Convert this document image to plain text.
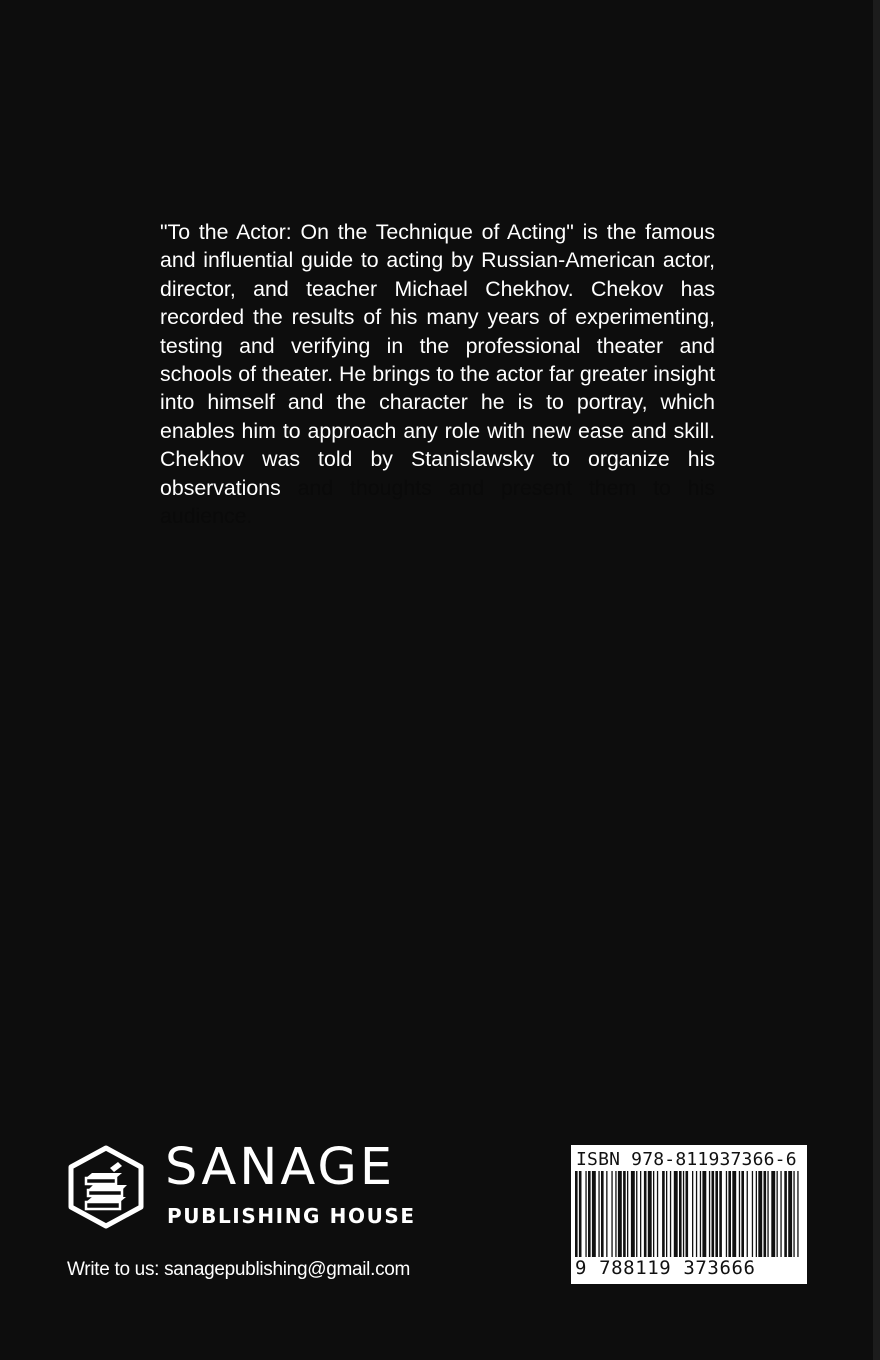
"To the Actor: On the Technique of Acting" is the famous and influential guide to acting by Russian-American actor, director, and teacher Michael Chekhov. Chekov has recorded the results of his many years of experimenting, testing and verifying in the professional theater and schools of theater. He brings to the actor far greater insight into himself and the character he is to portray, which enables him to approach any role with new ease and skill. Chekhov was told by Stanislawsky to organize his observations and thoughts and present them to his audience.

SANAGE
PUBLISHING HOUSE
Write to us: sanagepublishing@gmail.com
ISBN 978-811937366-6
9 788119 373666
